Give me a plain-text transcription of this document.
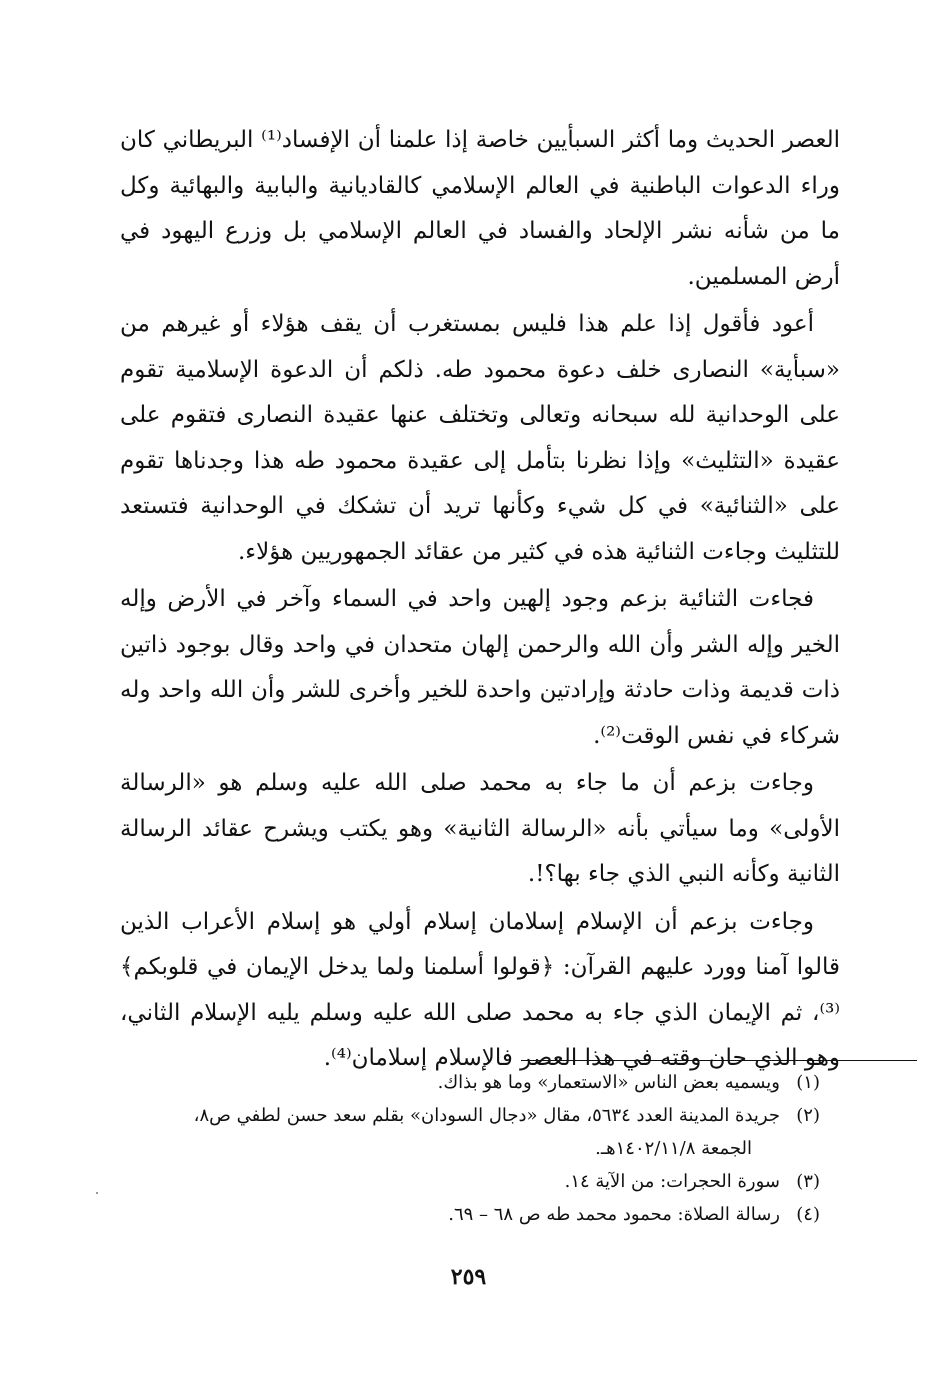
العصر الحديث وما أكثر السبأيين خاصة إذا علمنا أن الإفساد⁽¹⁾ البريطاني كان وراء الدعوات الباطنية في العالم الإسلامي كالقاديانية والبابية والبهائية وكل ما من شأنه نشر الإلحاد والفساد في العالم الإسلامي بل وزرع اليهود في أرض المسلمين.

أعود فأقول إذا علم هذا فليس بمستغرب أن يقف هؤلاء أو غيرهم من «سبأية» النصارى خلف دعوة محمود طه. ذلكم أن الدعوة الإسلامية تقوم على الوحدانية لله سبحانه وتعالى وتختلف عنها عقيدة النصارى فتقوم على عقيدة «التثليث» وإذا نظرنا بتأمل إلى عقيدة محمود طه هذا وجدناها تقوم على «الثنائية» في كل شيء وكأنها تريد أن تشكك في الوحدانية فتستعد للتثليث وجاءت الثنائية هذه في كثير من عقائد الجمهوريين هؤلاء.

فجاءت الثنائية بزعم وجود إلهين واحد في السماء وآخر في الأرض وإله الخير وإله الشر وأن الله والرحمن إلهان متحدان في واحد وقال بوجود ذاتين ذات قديمة وذات حادثة وإرادتين واحدة للخير وأخرى للشر وأن الله واحد وله شركاء في نفس الوقت⁽²⁾.

وجاءت بزعم أن ما جاء به محمد صلى الله عليه وسلم هو «الرسالة الأولى» وما سيأتي بأنه «الرسالة الثانية» وهو يكتب ويشرح عقائد الرسالة الثانية وكأنه النبي الذي جاء بها؟!.

وجاءت بزعم أن الإسلام إسلامان إسلام أولي هو إسلام الأعراب الذين قالوا آمنا وورد عليهم القرآن: ﴿قولوا أسلمنا ولما يدخل الإيمان في قلوبكم﴾⁽³⁾، ثم الإيمان الذي جاء به محمد صلى الله عليه وسلم يليه الإسلام الثاني، وهو الذي حان وقته في هذا العصر فالإسلام إسلامان⁽⁴⁾.

(١)
ويسميه بعض الناس «الاستعمار» وما هو بذاك.

(٢)
جريدة المدينة العدد ٥٦٣٤، مقال «دجال السودان» بقلم سعد حسن لطفي ص٨،

الجمعة ١٤٠٢/١١/٨هـ.

(٣)
سورة الحجرات: من الآية ١٤.

(٤)
رسالة الصلاة: محمود محمد طه ص ٦٨ – ٦٩.

٢٥٩
